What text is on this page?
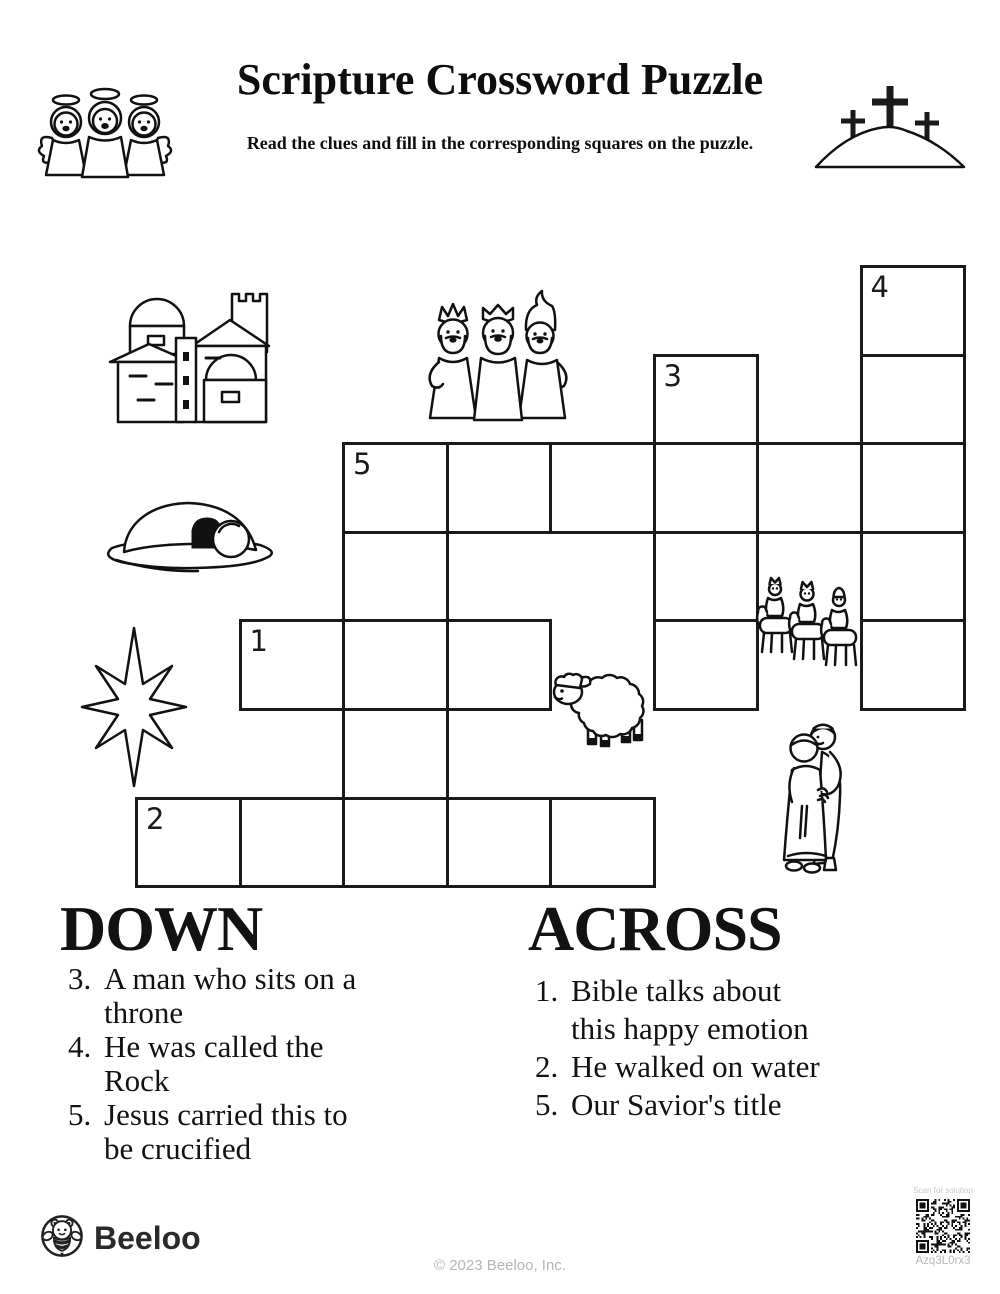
Scripture Crossword Puzzle
Read the clues and fill in the corresponding squares on the puzzle.
4
3
5
1
2
DOWN
3. A man who sits on a throne
4. He was called the Rock
5. Jesus carried this to be crucified
ACROSS
1. Bible talks about this happy emotion
2. He walked on water
5. Our Savior's title
Beeloo
© 2023 Beeloo, Inc.
Scan for solution
Azq3L0rx3
